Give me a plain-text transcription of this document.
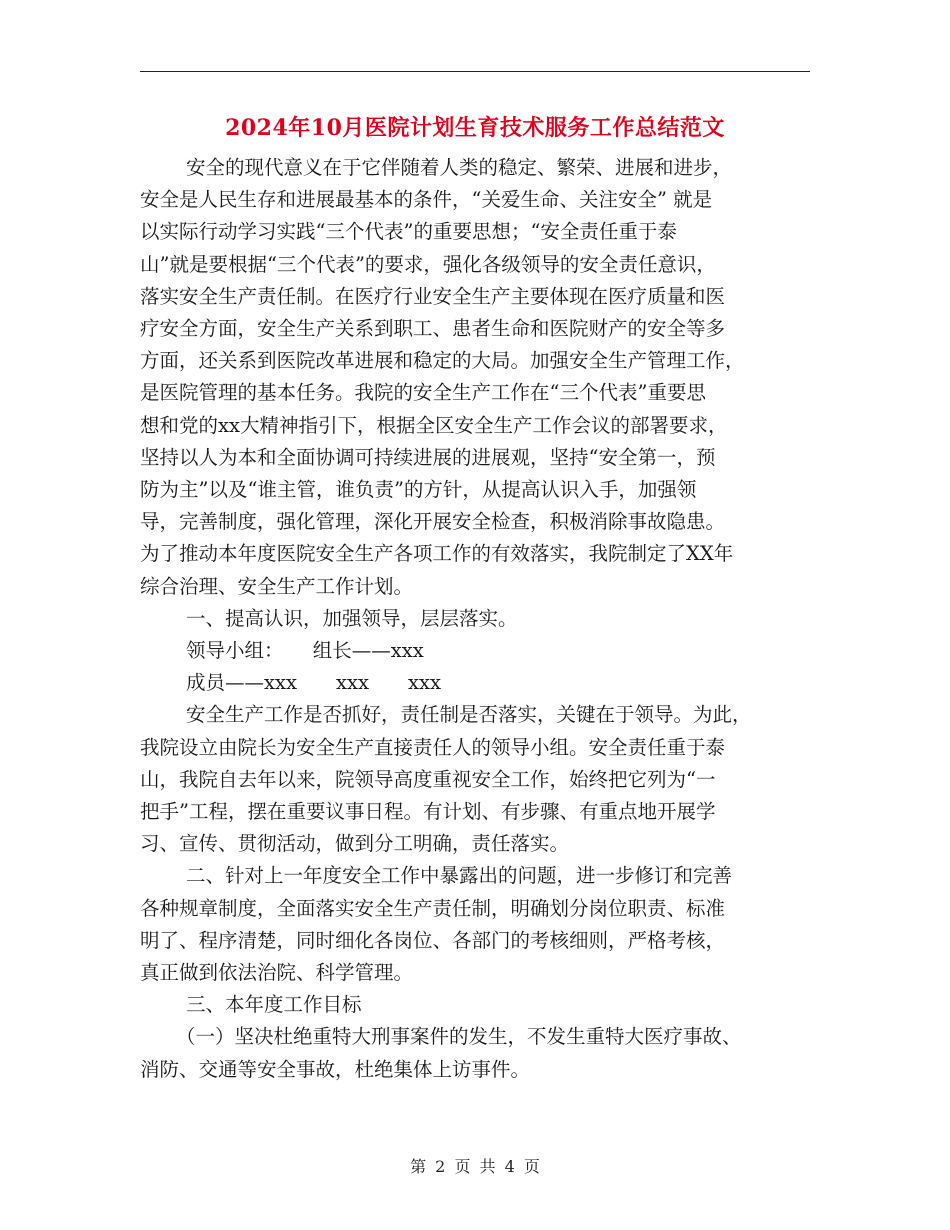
2024年10月医院计划生育技术服务工作总结范文

安全的现代意义在于它伴随着人类的稳定、繁荣、进展和进步，
安全是人民生存和进展最基本的条件，“关爱生命、关注安全” 就是
以实际行动学习实践“三个代表”的重要思想；“安全责任重于泰
山”就是要根据“三个代表”的要求，强化各级领导的安全责任意识，
落实安全生产责任制。在医疗行业安全生产主要体现在医疗质量和医
疗安全方面，安全生产关系到职工、患者生命和医院财产的安全等多
方面，还关系到医院改革进展和稳定的大局。加强安全生产管理工作，
是医院管理的基本任务。我院的安全生产工作在“三个代表”重要思
想和党的xx大精神指引下，根据全区安全生产工作会议的部署要求，
坚持以人为本和全面协调可持续进展的进展观，坚持“安全第一，预
防为主”以及“谁主管，谁负责”的方针，从提高认识入手，加强领
导，完善制度，强化管理，深化开展安全检查，积极消除事故隐患。
为了推动本年度医院安全生产各项工作的有效落实，我院制定了XX年
综合治理、安全生产工作计划。

一、提高认识，加强领导，层层落实。

领导小组：　　组长——xxx

成员——xxx　　xxx　　xxx

安全生产工作是否抓好，责任制是否落实，关键在于领导。为此，
我院设立由院长为安全生产直接责任人的领导小组。安全责任重于泰
山，我院自去年以来，院领导高度重视安全工作，始终把它列为“一
把手”工程，摆在重要议事日程。有计划、有步骤、有重点地开展学
习、宣传、贯彻活动，做到分工明确，责任落实。

二、针对上一年度安全工作中暴露出的问题，进一步修订和完善
各种规章制度，全面落实安全生产责任制，明确划分岗位职责、标准
明了、程序清楚，同时细化各岗位、各部门的考核细则，严格考核，
真正做到依法治院、科学管理。

三、本年度工作目标

（一）坚决杜绝重特大刑事案件的发生，不发生重特大医疗事故、
消防、交通等安全事故，杜绝集体上访事件。

第 2 页 共 4 页
